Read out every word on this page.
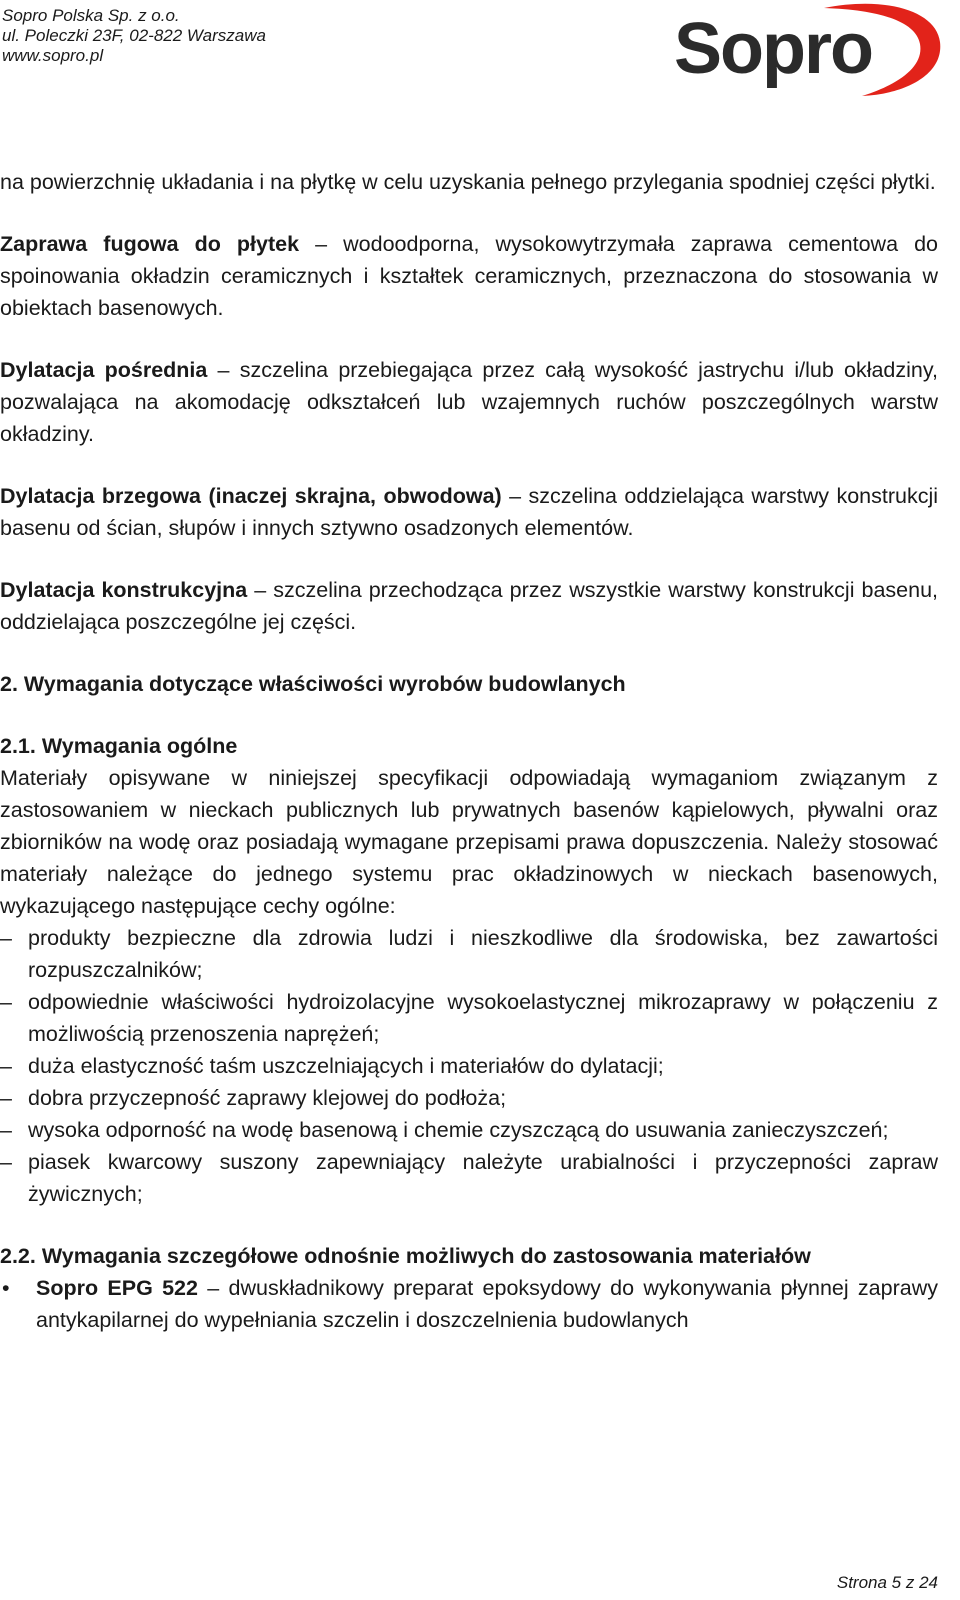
Sopro Polska Sp. z o.o.
ul. Poleczki 23F, 02-822 Warszawa
www.sopro.pl	Sopro

na powierzchnię układania i na płytkę w celu uzyskania pełnego przylegania spodniej części płytki.

Zaprawa fugowa do płytek – wodoodporna, wysokowytrzymała zaprawa cementowa do spoinowania okładzin ceramicznych i kształtek ceramicznych, przeznaczona do stosowania w obiektach basenowych.

Dylatacja pośrednia – szczelina przebiegająca przez całą wysokość jastrychu i/lub okładziny, pozwalająca na akomodację odkształceń lub wzajemnych ruchów poszczególnych warstw okładziny.

Dylatacja brzegowa (inaczej skrajna, obwodowa) – szczelina oddzielająca warstwy konstrukcji basenu od ścian, słupów i innych sztywno osadzonych elementów.

Dylatacja konstrukcyjna – szczelina przechodząca przez wszystkie warstwy konstrukcji basenu, oddzielająca poszczególne jej części.

2. Wymagania dotyczące właściwości wyrobów budowlanych
2.1. Wymagania ogólne

Materiały opisywane w niniejszej specyfikacji odpowiadają wymaganiom związanym z zastosowaniem w nieckach publicznych lub prywatnych basenów kąpielowych, pływalni oraz zbiorników na wodę oraz posiadają wymagane przepisami prawa dopuszczenia. Należy stosować materiały należące do jednego systemu prac okładzinowych w nieckach basenowych, wykazującego następujące cechy ogólne:

– produkty bezpieczne dla zdrowia ludzi i nieszkodliwe dla środowiska, bez zawartości rozpuszczalników;
– odpowiednie właściwości hydroizolacyjne wysokoelastycznej mikrozaprawy w połączeniu z możliwością przenoszenia naprężeń;
– duża elastyczność taśm uszczelniających i materiałów do dylatacji;
– dobra przyczepność zaprawy klejowej do podłoża;
– wysoka odporność na wodę basenową i chemie czyszczącą do usuwania zanieczyszczeń;
– piasek kwarcowy suszony zapewniający należyte urabialności i przyczepności zapraw żywicznych;
2.2. Wymagania szczegółowe odnośnie możliwych do zastosowania materiałów
• Sopro EPG 522 – dwuskładnikowy preparat epoksydowy do wykonywania płynnej zaprawy antykapilarnej do wypełniania szczelin i doszczelnienia budowlanych
Strona 5 z 24
